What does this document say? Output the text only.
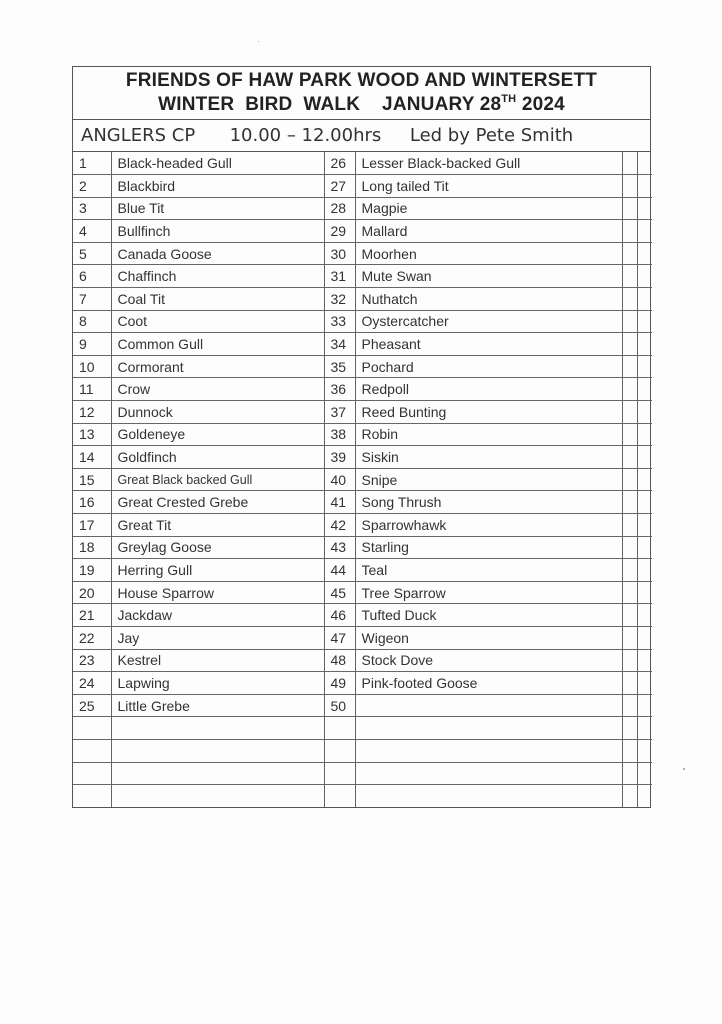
FRIENDS OF HAW PARK WOOD AND WINTERSETT
WINTER  BIRD  WALK    JANUARY 28TH 2024
ANGLERS CP 10.00 – 12.00hrs Led by Pete Smith
1	Black-headed Gull	26	Lesser Black-backed Gull		
2	Blackbird	27	Long tailed Tit		
3	Blue Tit	28	Magpie		
4	Bullfinch	29	Mallard		
5	Canada Goose	30	Moorhen		
6	Chaffinch	31	Mute Swan		
7	Coal Tit	32	Nuthatch		
8	Coot	33	Oystercatcher		
9	Common Gull	34	Pheasant		
10	Cormorant	35	Pochard		
11	Crow	36	Redpoll		
12	Dunnock	37	Reed Bunting		
13	Goldeneye	38	Robin		
14	Goldfinch	39	Siskin		
15	Great Black backed Gull	40	Snipe		
16	Great Crested Grebe	41	Song Thrush		
17	Great Tit	42	Sparrowhawk		
18	Greylag Goose	43	Starling		
19	Herring Gull	44	Teal		
20	House Sparrow	45	Tree Sparrow		
21	Jackdaw	46	Tufted Duck		
22	Jay	47	Wigeon		
23	Kestrel	48	Stock Dove		
24	Lapwing	49	Pink-footed Goose		
25	Little Grebe	50			
